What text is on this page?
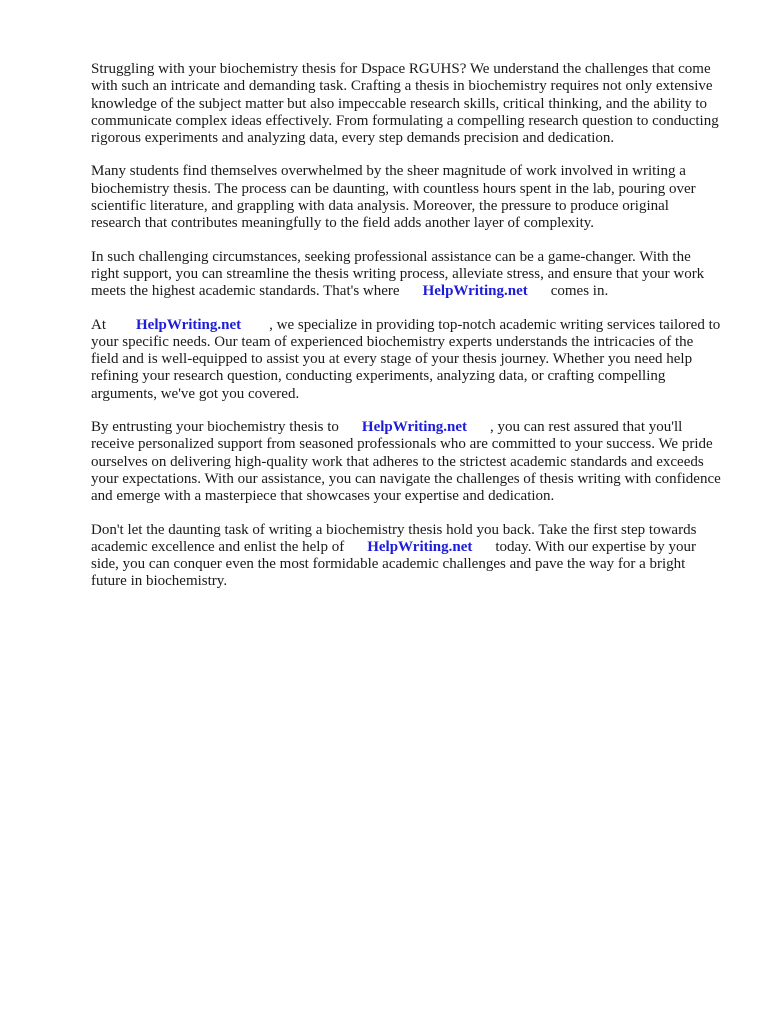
Struggling with your biochemistry thesis for Dspace RGUHS? We understand the challenges that come with such an intricate and demanding task. Crafting a thesis in biochemistry requires not only extensive knowledge of the subject matter but also impeccable research skills, critical thinking, and the ability to communicate complex ideas effectively. From formulating a compelling research question to conducting rigorous experiments and analyzing data, every step demands precision and dedication.

Many students find themselves overwhelmed by the sheer magnitude of work involved in writing a biochemistry thesis. The process can be daunting, with countless hours spent in the lab, pouring over scientific literature, and grappling with data analysis. Moreover, the pressure to produce original research that contributes meaningfully to the field adds another layer of complexity.

In such challenging circumstances, seeking professional assistance can be a game-changer. With the right support, you can streamline the thesis writing process, alleviate stress, and ensure that your work meets the highest academic standards. That's where HelpWriting.net comes in.

At HelpWriting.net , we specialize in providing top-notch academic writing services tailored to your specific needs. Our team of experienced biochemistry experts understands the intricacies of the field and is well-equipped to assist you at every stage of your thesis journey. Whether you need help refining your research question, conducting experiments, analyzing data, or crafting compelling arguments, we've got you covered.

By entrusting your biochemistry thesis to HelpWriting.net , you can rest assured that you'll receive personalized support from seasoned professionals who are committed to your success. We pride ourselves on delivering high-quality work that adheres to the strictest academic standards and exceeds your expectations. With our assistance, you can navigate the challenges of thesis writing with confidence and emerge with a masterpiece that showcases your expertise and dedication.

Don't let the daunting task of writing a biochemistry thesis hold you back. Take the first step towards academic excellence and enlist the help of HelpWriting.net today. With our expertise by your side, you can conquer even the most formidable academic challenges and pave the way for a bright future in biochemistry.
